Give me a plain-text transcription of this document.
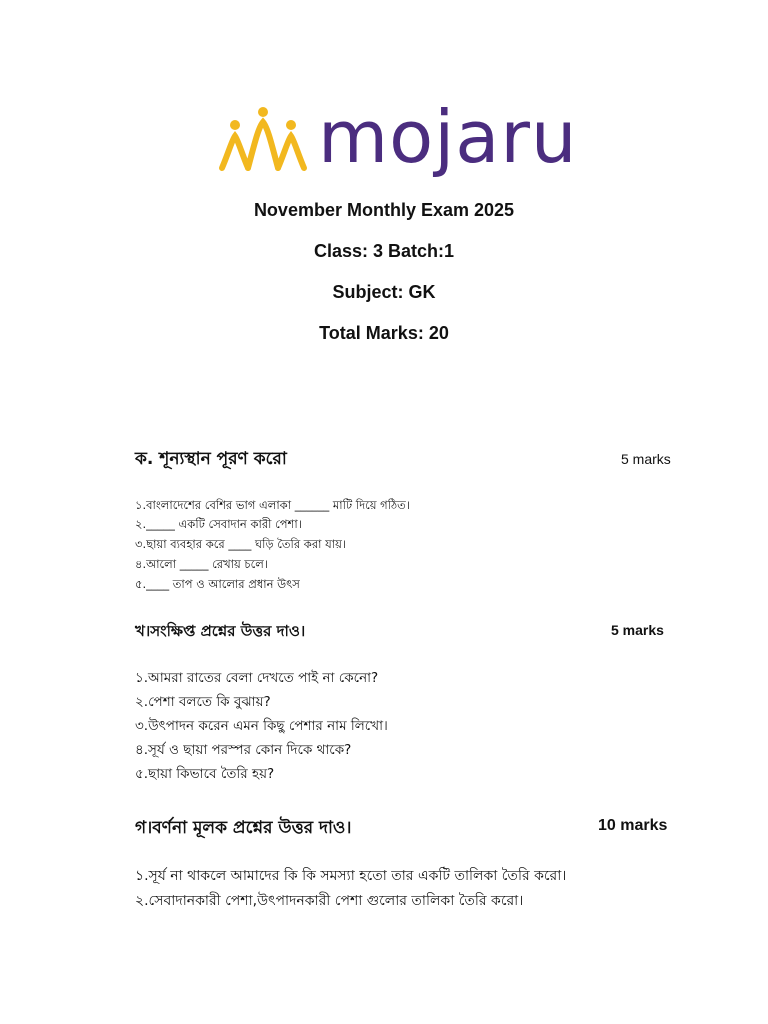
mojaru
November Monthly Exam 2025
Class: 3 Batch:1
Subject: GK
Total Marks: 20
ক. শূন্যস্থান পূরণ করো	5 marks
১.বাংলাদেশের বেশির ভাগ এলাকা ______ মাটি দিয়ে গঠিত।
২._____ একটি সেবাদান কারী পেশা।
৩.ছায়া ব্যবহার করে ____ ঘড়ি তৈরি করা যায়।
৪.আলো _____ রেখায় চলে।
৫.____ তাপ ও আলোর প্রধান উৎস
খ।সংক্ষিপ্ত প্রশ্নের উত্তর দাও।	5 marks
১.আমরা রাতের বেলা দেখতে পাই না কেনো?
২.পেশা বলতে কি বুঝায়?
৩.উৎপাদন করেন এমন কিছু পেশার নাম লিখো।
৪.সূর্য ও ছায়া পরস্পর কোন দিকে থাকে?
৫.ছায়া কিভাবে তৈরি হয়?
গ।বর্ণনা মূলক প্রশ্নের উত্তর দাও।	10 marks
১.সূর্য না থাকলে আমাদের কি কি সমস্যা হতো তার একটি তালিকা তৈরি করো।
২.সেবাদানকারী পেশা,উৎপাদনকারী পেশা গুলোর তালিকা তৈরি করো।
